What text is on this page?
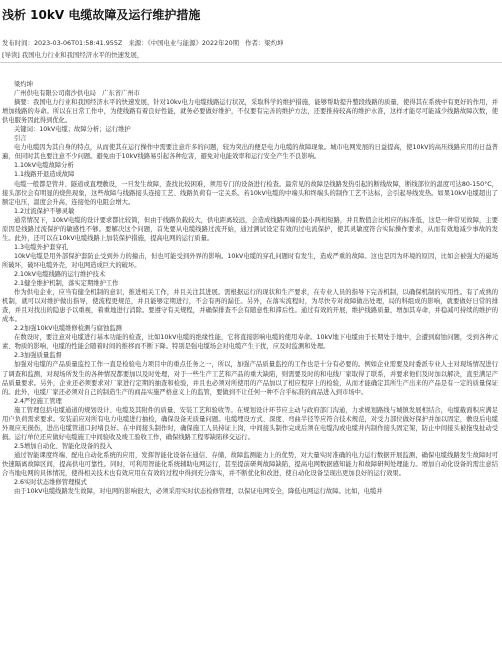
浅析 10kV 电缆故障及运行维护措施
发布时间：2023-03-06T01:58:41.955Z 来源：《中国电业与能源》2022年20期 作者：梁灼坤
[导读] 我国电力行业和我国经济水平的快速发展，

梁灼坤

广州供电有限公司南沙供电局　广东省广州市

摘要：我国电力行业和我国经济水平的快速发展，针对10kv电力电缆线路运行状况，采取科学的维护措施，能够帮助提升整段线路的质量，使得其在系统中有更好的作用，并增加线路的寿命。所以在日常工作中，为使线路有着良好性能，就务必要做好维护，不仅要有完善的维护方法，还要推持较高的维护水准，这样才能尽可能减少线路故障次数，使供电服务因此得到优化。

关键词：10kV电缆；故障分析；运行维护

引言

电力电缆因为其自身的特点，从而使其在运行操作中需要注意许多的问题，较为突出的便是电力电缆的故障现象。城市电网发展的日益提高，使10kV的高压线路应用的日益普遍，但同时其也要注意不少问题。避免由于10kV线路易引起各种危害，避免对电能效率和运行安全产生不良影响。

1.10kV电缆故障分析

1.1线路开退造成故障

电缆一般都是管井、隧道或直埋敷设，一旦发生故障，查找比较困难，须用专门的设备进行检查。最常见的故障是线路发热引起的断线故障，断线部位的温度可达80-150°C，接头部位会有明显的烧焦现象，这些故障与线路接头连接工艺、线路负荷有一定关系。若10kV电缆的中端头和终端头的制作工艺不达标，会引起导线发热。如果10kV电缆超出了额定电压，温度会升高，连接处的电阻会增大。

1.2过流保护不够灵敏

通常情况下，10kV电缆的设计要求都比较简，但由于线路负载较大，供电距离较远，会造成线路两端的最小两相短路，并且数值会比相应的标准低，这是一种常见故障，主要原因是线路过流保护的敏感性不够。要解决这个问题，首先要从电缆线路过流开始，通过测试设定有效的过电流保护，使其灵敏度符合实际操作要求，从而有效地减少事故的发生。此外，还可以在10kV电缆线路上加装保护措施，提高电网的运行质量。

1.3电缆外护套穿孔

10kV电缆是用外部保护套防止受到外力的撞击，但也可能受到外界的影响。10kV电缆的穿孔问题时有发生，造成严重的故障。这也是因为环境的原因，比如会被强大的磁场所破坏，破坏电缆外壳，对电网造成巨大的破坏。

2.10kV电缆线路的运行维护技术

2.1健全维护机制，落实定期维护工作

作为供电企业，应当有健全机制的意识，推进相关工作，并且关注其进展。需根据运行的现状和生产要求，在专业人员的指导下完善机制，以确保机制的实用性。有了成熟的机制，就可以对维护做出指导，使流程更规范，并且能够定期进行，不会有再的漏任。另外，在落实流程时，为尽快专对故障做出处理，局的科组成的影响，就要做好日常的排查，并且对找出的隐患予以重视，着重地进行消除。要遵守有关规程，并确保排查不会有随意性和滞后性。通过有效的开展，维护线路质量，增加其寿命，并稳减可持续的维护的成本。

2.2加强10kV电缆维修检测与腐蚀监测

在数设时，要注意对电缆进行基本功能的检查，比如10kV电缆的绝缘性能，它将直接影响电缆的使用寿命。10kV地下电缆由于长期处于地中，会遭到腐蚀问题，受到各种元素、物质的影响，电缆的性能会随着时间的推移而不断下降。特别是强电缆场会对电缆产生干扰，应及时监测和处理。

2.3加强质量监督

加强对电缆的产品质量监控工作一直是检验电力项目中的重点任务之一，所以，加强产品质量监控的工作也是十分有必要的。例如企业需要及时委派专业人士对现场情况进行了调查和监测，对现场所发生的各种情况都要加以及时处理，对于一些生产工艺和产品的重大缺陷，则需要及时的和电线厂家取得了联系，并要求他们及时加以解决，直至满足产品质量要求。另外，企业还必须要求对厂家进行定期的抽查和检验，并且也必须对所使用的产品加以了相应程序上的检验，从而才能确定其所生产出来的产品是有一定的质量保证的。此外，电缆厂家还必须对自己的制造生产的商品实施严格意义上的监管，要做到不让任何一种不合乎标准的商品进入到市场中。

2.4严控施工管理

施工管理包括电缆通道的规划设计、电缆及其附件的质量、安装工艺和验收等。在规划设计环节应主动与政府部门沟通，力求规划路线与城镇发展相结合，电缆截面积应满足用户负荷需求要求。安装前应对所有电力电缆进行抽检，确保设备无质量问题。电缆埋设方式、深度、弯曲半径等应符合技术规范，对受力部位做好保护并加以固定，敷设后电缆外观应无损伤，进出电缆管道口封堵良好。在中间接头制作时，确保施工人员持证上岗，中间接头制作完成后须在电缆沟或电缆井内制作接头固定架，防止中间接头被拖曳扯动受损。运行单位还应做好电缆施工中间验收及竣工验收工作，确保线路工程零缺陷移交运行。

2.5增加自动化、智能化设备的投入

通过智能课度终端、配电自动化系统的应用，发挥智能化设备在通信、存储、故障监测能力上的优势，对大量实时准确的电力运行数据开展监测，确保电缆线路发生故障时可快速隔离故障区间，提高供电可靠性。同时，可利用智能化系统辅助电网运行，甚至提前研判故障缺陷，提高电网数据感知能力和故障研判处理能力。增加自动化设备的需注意结合当地电网的具体情况，使得相关技术也有效应用在有效的过程中得到充分落实，并不断优化和改进，使自动化设备呈现出更加良好的运行效果。

2.6实时状态维修管理模式

由于10kV电缆线路发生故障，对电网的影响很大，必须采用实时状态检修管理，以保证电网安全，降低电网运行故障。比如，电缆并
